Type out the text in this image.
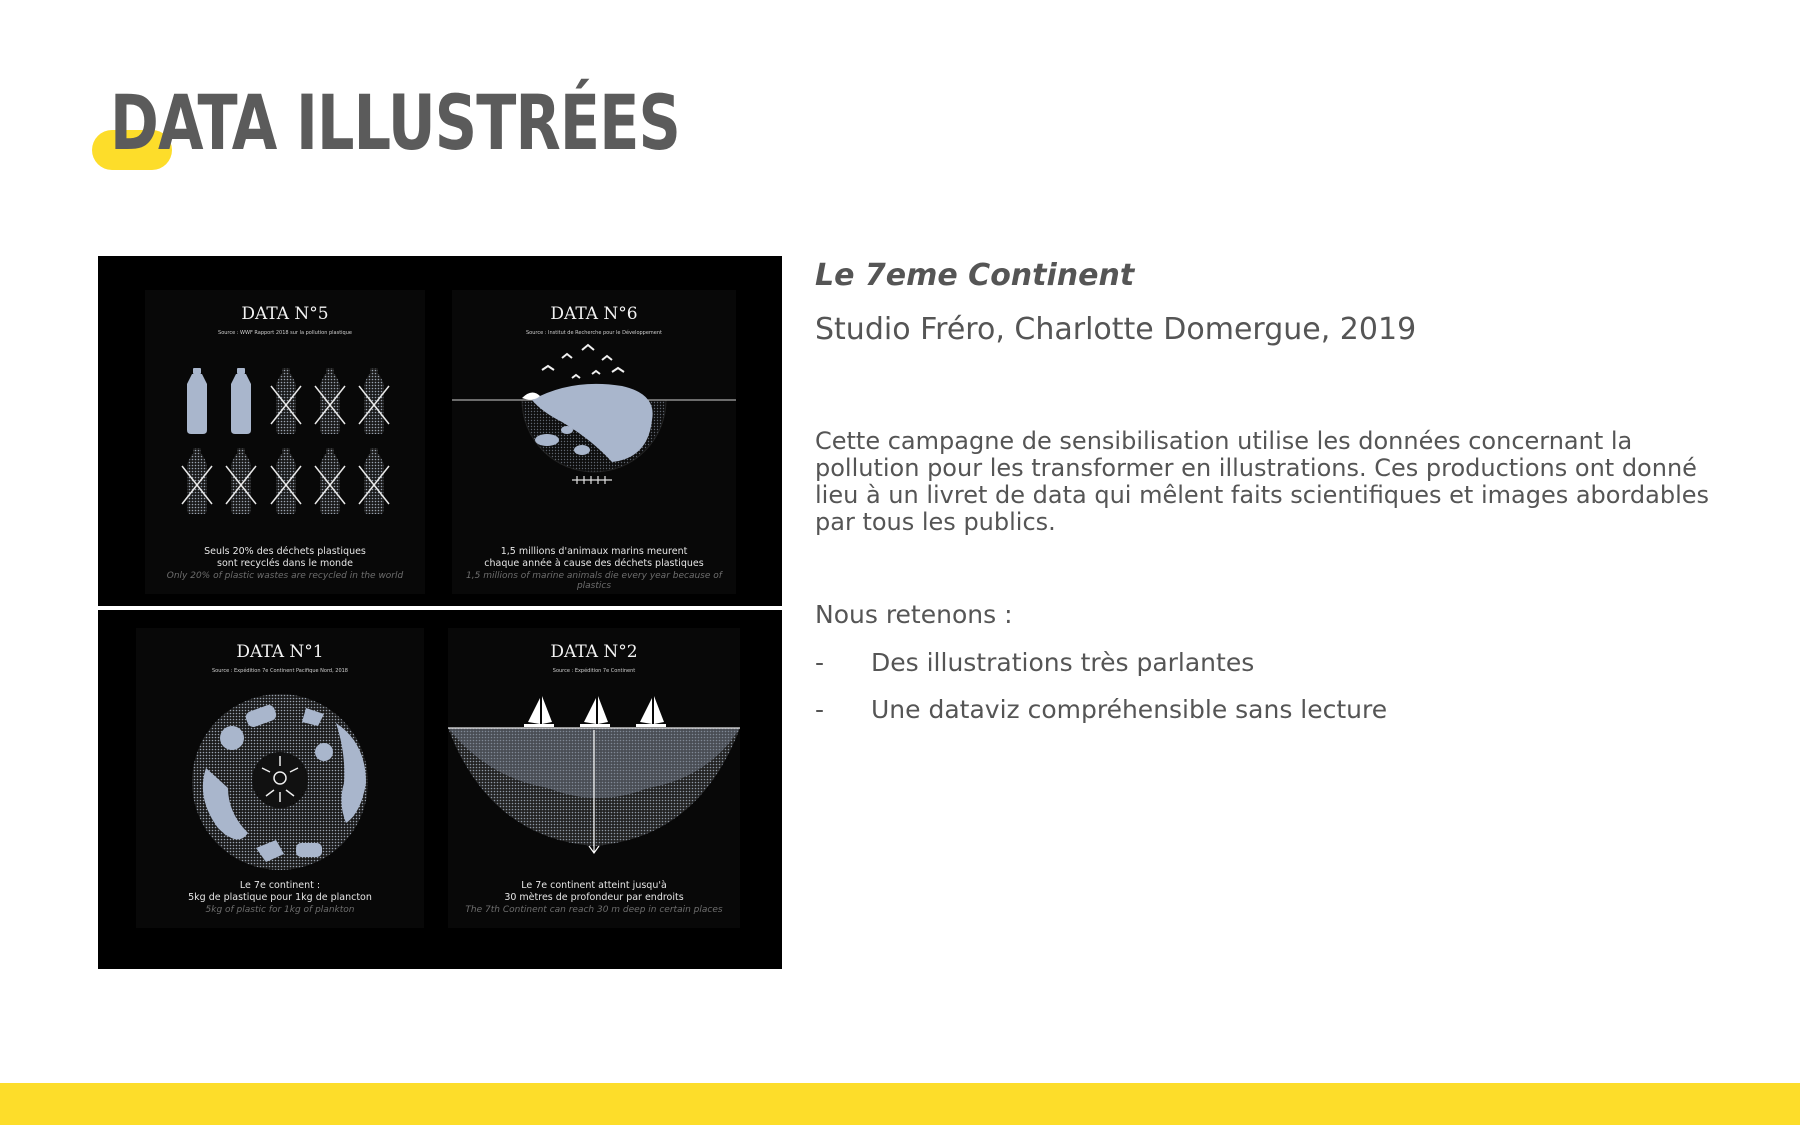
DATA ILLUSTRÉES
DATA N°5
Source : WWF Rapport 2018 sur la pollution plastique
Seuls 20% des déchets plastiques
sont recyclés dans le monde
Only 20% of plastic wastes are recycled in the world
DATA N°6
Source : Institut de Recherche pour le Développement
1,5 millions d'animaux marins meurent
chaque année à cause des déchets plastiques
1,5 millions of marine animals die every year because of plastics
DATA N°1
Source : Expédition 7e Continent Pacifique Nord, 2018
Le 7e continent :
5kg de plastique pour 1kg de plancton
5kg of plastic for 1kg of plankton
DATA N°2
Source : Expédition 7e Continent
Le 7e continent atteint jusqu'à
30 mètres de profondeur par endroits
The 7th Continent can reach 30 m deep in certain places
Le 7eme Continent
Studio Fréro, Charlotte Domergue, 2019

Cette campagne de sensibilisation utilise les données concernant la pollution pour les transformer en illustrations. Ces productions ont donné lieu à un livret de data qui mêlent faits scientifiques et images abordables par tous les publics.

Nous retenons :
- Des illustrations très parlantes
- Une dataviz compréhensible sans lecture
